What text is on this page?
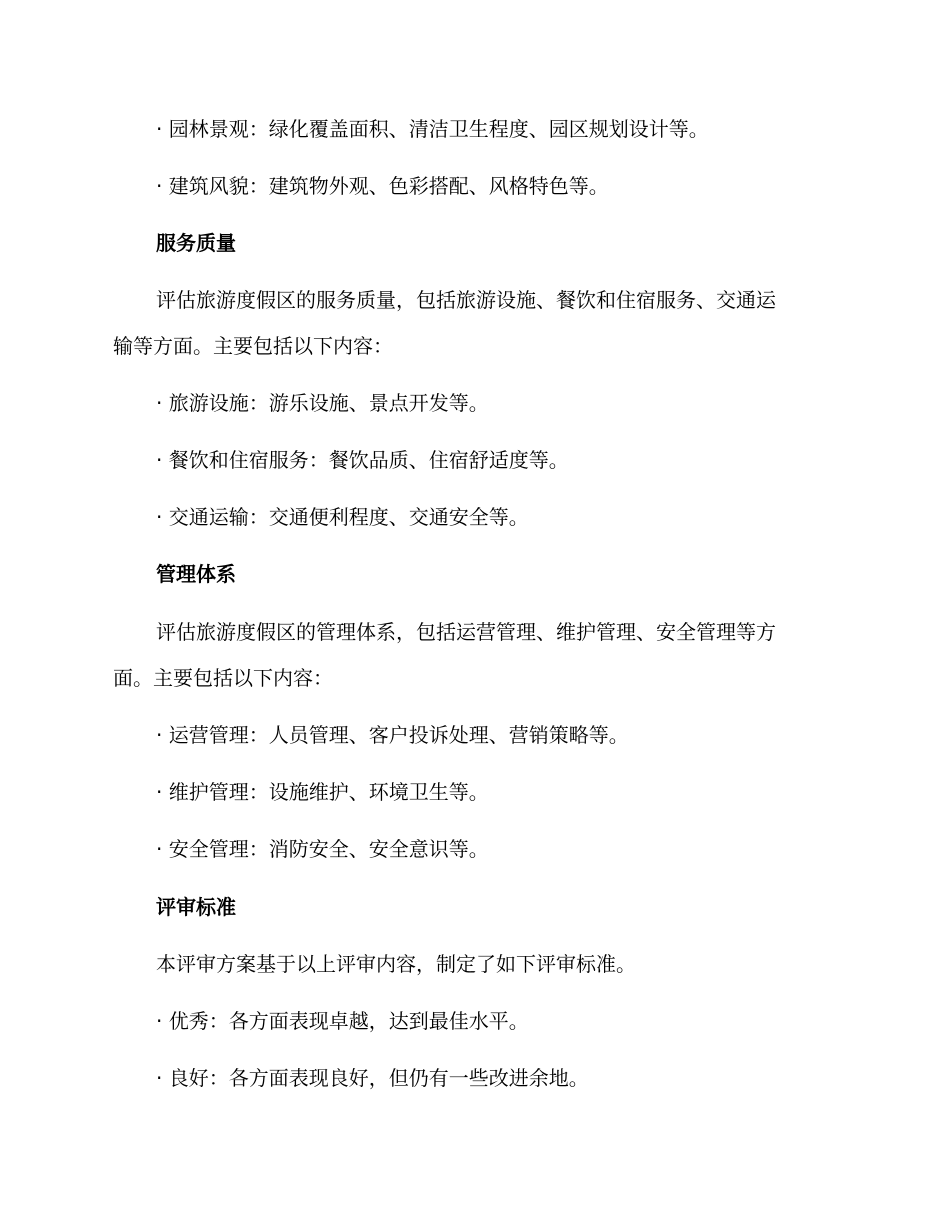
· 园林景观：绿化覆盖面积、清洁卫生程度、园区规划设计等。
· 建筑风貌：建筑物外观、色彩搭配、风格特色等。
服务质量
评估旅游度假区的服务质量，包括旅游设施、餐饮和住宿服务、交通运
输等方面。主要包括以下内容：
· 旅游设施：游乐设施、景点开发等。
· 餐饮和住宿服务：餐饮品质、住宿舒适度等。
· 交通运输：交通便利程度、交通安全等。
管理体系
评估旅游度假区的管理体系，包括运营管理、维护管理、安全管理等方
面。主要包括以下内容：
· 运营管理：人员管理、客户投诉处理、营销策略等。
· 维护管理：设施维护、环境卫生等。
· 安全管理：消防安全、安全意识等。
评审标准
本评审方案基于以上评审内容，制定了如下评审标准。
· 优秀：各方面表现卓越，达到最佳水平。
· 良好：各方面表现良好，但仍有一些改进余地。
